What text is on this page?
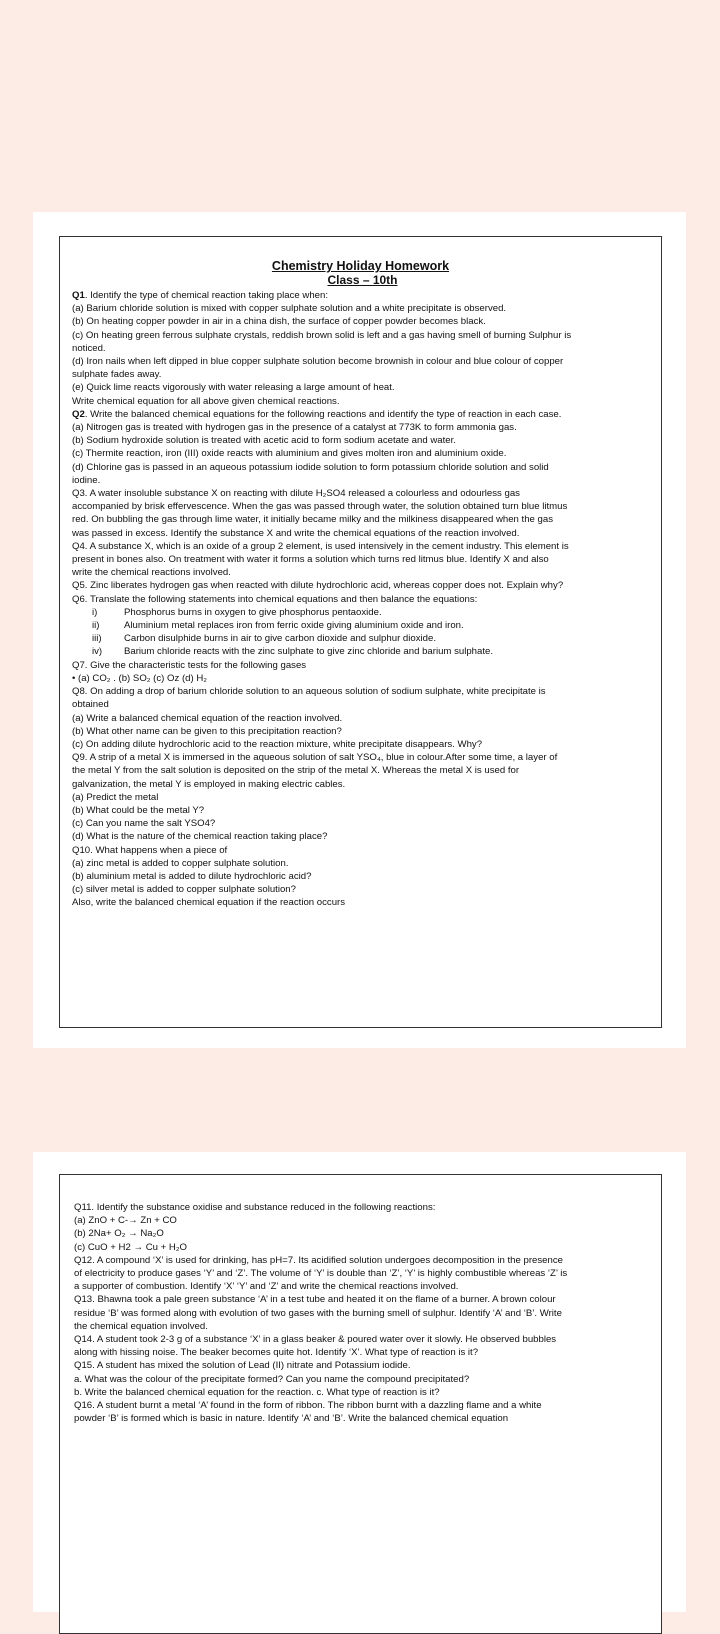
Chemistry Holiday Homework

Class – 10th

Q1. Identify the type of chemical reaction taking place when:

(a) Barium chloride solution is mixed with copper sulphate solution and a white precipitate is observed.

(b) On heating copper powder in air in a china dish, the surface of copper powder becomes black.

(c) On heating green ferrous sulphate crystals, reddish brown solid is left and a gas having smell of burning Sulphur is

noticed.

(d) Iron nails when left dipped in blue copper sulphate solution become brownish in colour and blue colour of copper

sulphate fades away.

(e) Quick lime reacts vigorously with water releasing a large amount of heat.

Write chemical equation for all above given chemical reactions.

Q2. Write the balanced chemical equations for the following reactions and identify the type of reaction in each case.

(a) Nitrogen gas is treated with hydrogen gas in the presence of a catalyst at 773K to form ammonia gas.

(b) Sodium hydroxide solution is treated with acetic acid to form sodium acetate and water.

(c) Thermite reaction, iron (III) oxide reacts with aluminium and gives molten iron and aluminium oxide.

(d) Chlorine gas is passed in an aqueous potassium iodide solution to form potassium chloride solution and solid

iodine.

Q3. A water insoluble substance X on reacting with dilute H₂SO4 released a colourless and odourless gas

accompanied by brisk effervescence. When the gas was passed through water, the solution obtained turn blue litmus

red. On bubbling the gas through lime water, it initially became milky and the milkiness disappeared when the gas

was passed in excess. Identify the substance X and write the chemical equations of the reaction involved.

Q4. A substance X, which is an oxide of a group 2 element, is used intensively in the cement industry. This element is

present in bones also. On treatment with water it forms a solution which turns red litmus blue. Identify X and also

write the chemical reactions involved.

Q5. Zinc liberates hydrogen gas when reacted with dilute hydrochloric acid, whereas copper does not. Explain why?

Q6. Translate the following statements into chemical equations and then balance the equations:

i)	Phosphorus burns in oxygen to give phosphorus pentaoxide.
ii)	Aluminium metal replaces iron from ferric oxide giving aluminium oxide and iron.
iii)	Carbon disulphide burns in air to give carbon dioxide and sulphur dioxide.
iv)	Barium chloride reacts with the zinc sulphate to give zinc chloride and barium sulphate.

Q7. Give the characteristic tests for the following gases

• (a) CO₂ . (b) SO₂ (c) Oz (d) H₂

Q8. On adding a drop of barium chloride solution to an aqueous solution of sodium sulphate, white precipitate is

obtained

(a) Write a balanced chemical equation of the reaction involved.

(b) What other name can be given to this precipitation reaction?

(c) On adding dilute hydrochloric acid to the reaction mixture, white precipitate disappears. Why?

Q9. A strip of a metal X is immersed in the aqueous solution of salt YSO₄, blue in colour.After some time, a layer of

the metal Y from the salt solution is deposited on the strip of the metal X. Whereas the metal X is used for

galvanization, the metal Y is employed in making electric cables.

(a) Predict the metal

(b) What could be the metal Y?

(c) Can you name the salt YSO4?

(d) What is the nature of the chemical reaction taking place?

Q10. What happens when a piece of

(a) zinc metal is added to copper sulphate solution.

(b) aluminium metal is added to dilute hydrochloric acid?

(c) silver metal is added to copper sulphate solution?

Also, write the balanced chemical equation if the reaction occurs

Q11. Identify the substance oxidise and substance reduced in the following reactions:

(a) ZnO + C-→ Zn + CO

(b) 2Na+ O₂ → Na₂O

(c) CuO + H2 → Cu + H₂O

Q12. A compound ‘X’ is used for drinking, has pH=7. Its acidified solution undergoes decomposition in the presence

of electricity to produce gases ‘Y’ and ‘Z’. The volume of ‘Y’ is double than ‘Z’, ‘Y’ is highly combustible whereas ‘Z’ is

a supporter of combustion. Identify ‘X’ ‘Y’ and ‘Z’ and write the chemical reactions involved.

Q13. Bhawna took a pale green substance ‘A’ in a test tube and heated it on the flame of a burner. A brown colour

residue ‘B’ was formed along with evolution of two gases with the burning smell of sulphur. Identify ‘A’ and ‘B’. Write

the chemical equation involved.

Q14. A student took 2-3 g of a substance ‘X’ in a glass beaker & poured water over it slowly. He observed bubbles

along with hissing noise. The beaker becomes quite hot. Identify ‘X’. What type of reaction is it?

Q15. A student has mixed the solution of Lead (II) nitrate and Potassium iodide.

a. What was the colour of the precipitate formed? Can you name the compound precipitated?

b. Write the balanced chemical equation for the reaction. c. What type of reaction is it?

Q16. A student burnt a metal ‘A’ found in the form of ribbon. The ribbon burnt with a dazzling flame and a white

powder ‘B’ is formed which is basic in nature. Identify ‘A’ and ‘B’. Write the balanced chemical equation
